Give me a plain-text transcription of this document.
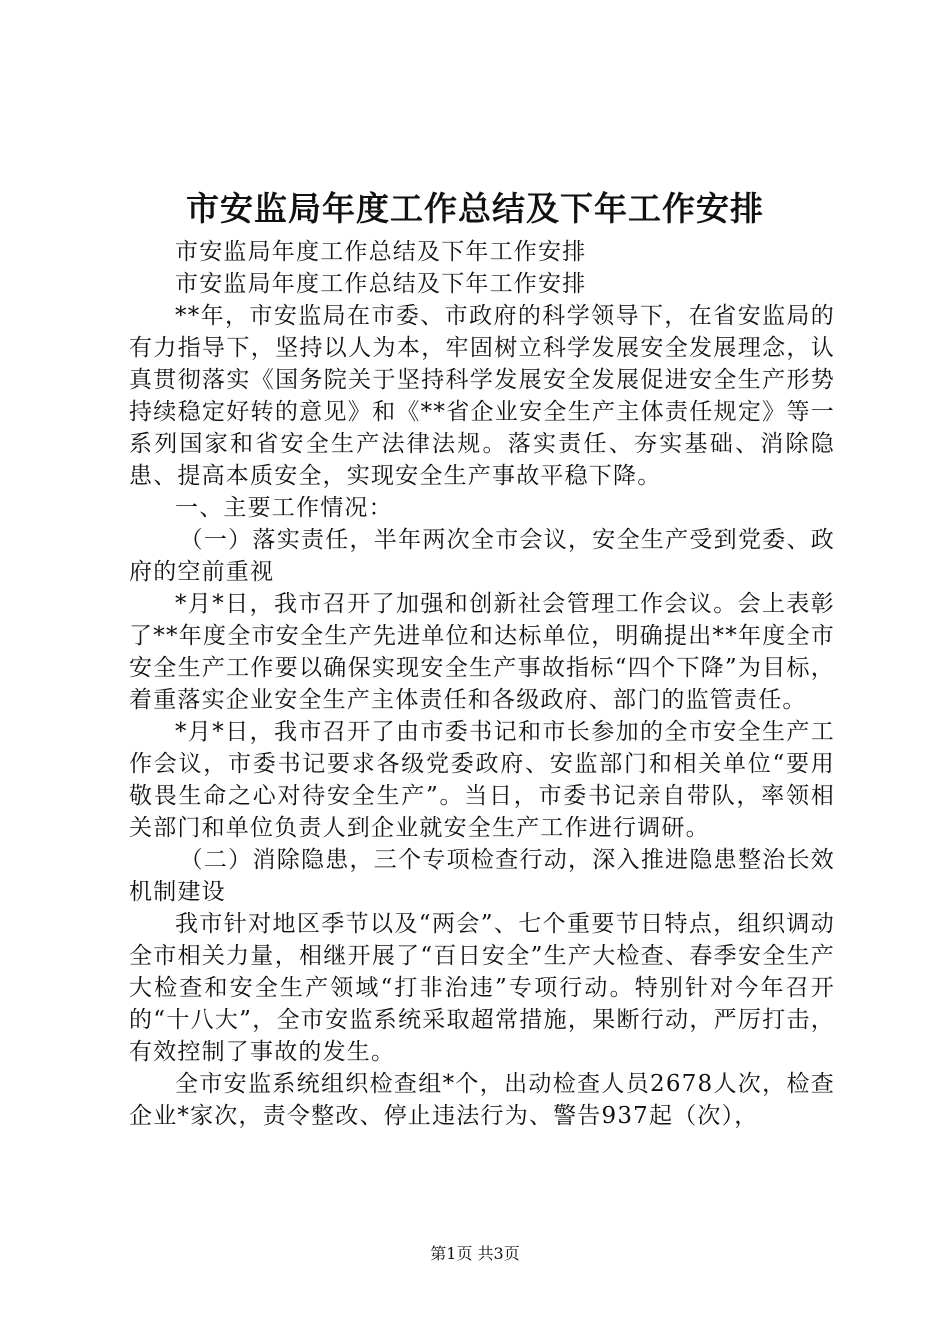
市安监局年度工作总结及下年工作安排

市安监局年度工作总结及下年工作安排

市安监局年度工作总结及下年工作安排

**年，市安监局在市委、市政府的科学领导下，在省安监局的有力指导下，坚持以人为本，牢固树立科学发展安全发展理念，认真贯彻落实《国务院关于坚持科学发展安全发展促进安全生产形势持续稳定好转的意见》和《**省企业安全生产主体责任规定》等一系列国家和省安全生产法律法规。落实责任、夯实基础、消除隐患、提高本质安全，实现安全生产事故平稳下降。

一、主要工作情况：

（一）落实责任，半年两次全市会议，安全生产受到党委、政府的空前重视

*月*日，我市召开了加强和创新社会管理工作会议。会上表彰了**年度全市安全生产先进单位和达标单位，明确提出**年度全市安全生产工作要以确保实现安全生产事故指标“四个下降”为目标，着重落实企业安全生产主体责任和各级政府、部门的监管责任。

*月*日，我市召开了由市委书记和市长参加的全市安全生产工作会议，市委书记要求各级党委政府、安监部门和相关单位“要用敬畏生命之心对待安全生产”。当日，市委书记亲自带队，率领相关部门和单位负责人到企业就安全生产工作进行调研。

（二）消除隐患，三个专项检查行动，深入推进隐患整治长效机制建设

我市针对地区季节以及“两会”、七个重要节日特点，组织调动全市相关力量，相继开展了“百日安全”生产大检查、春季安全生产大检查和安全生产领域“打非治违”专项行动。特别针对今年召开的“十八大”，全市安监系统采取超常措施，果断行动，严厉打击，有效控制了事故的发生。

全市安监系统组织检查组*个，出动检查人员2678人次，检查企业*家次，责令整改、停止违法行为、警告937起（次），

第1页 共3页
